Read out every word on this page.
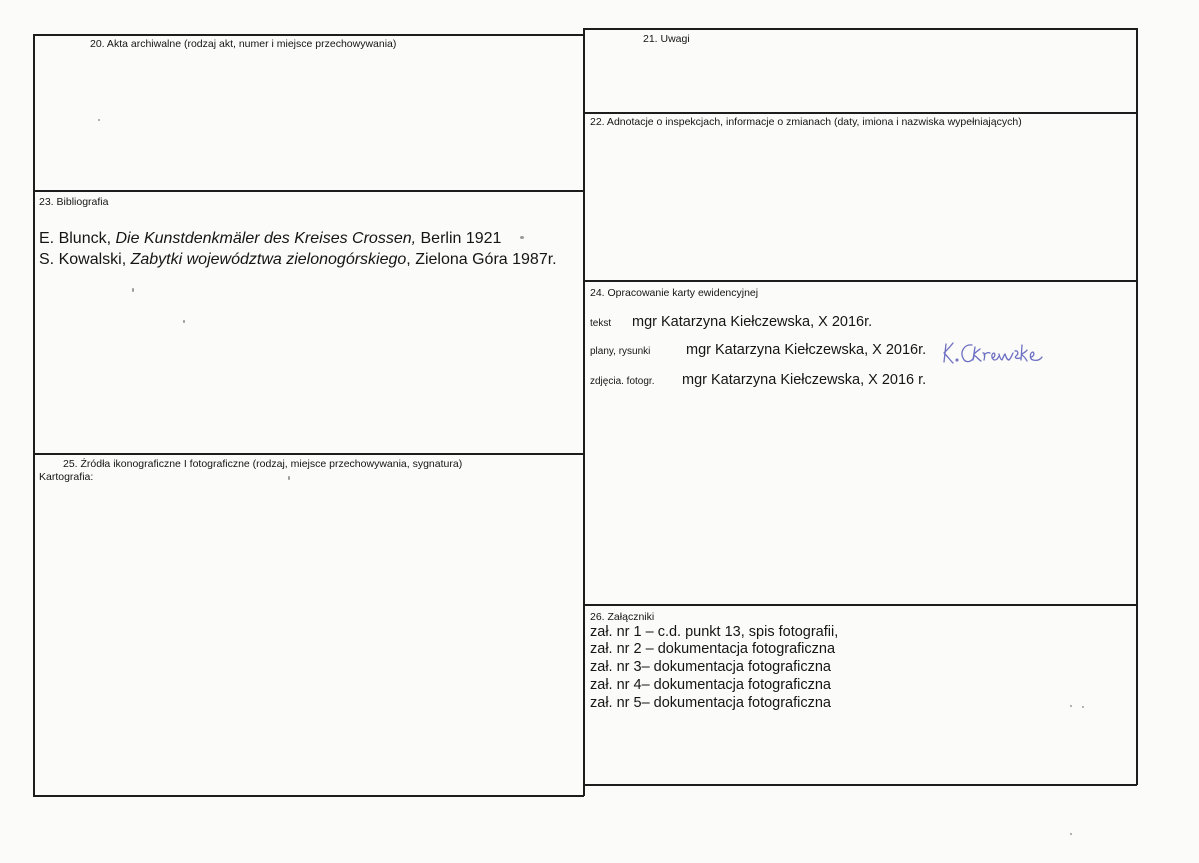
20. Akta archiwalne (rodzaj akt, numer i miejsce przechowywania)	21. Uwagi
22. Adnotacje o inspekcjach, informacje o zmianach (daty, imiona i nazwiska wypełniających)
23. Bibliografia
E. Blunck, Die Kunstdenkmäler des Kreises Crossen, Berlin 1921
S. Kowalski, Zabytki województwa zielonogórskiego, Zielona Góra 1987r.
24. Opracowanie karty ewidencyjnej
tekst mgr Katarzyna Kiełczewska, X 2016r.
plany, rysunki mgr Katarzyna Kiełczewska, X 2016r.
zdjęcia. fotogr. mgr Katarzyna Kiełczewska, X 2016 r.
25. Źródła ikonograficzne I fotograficzne (rodzaj, miejsce przechowywania, sygnatura)
Kartografia:
26. Załączniki
zał. nr 1 – c.d. punkt 13, spis fotografii,
zał. nr 2 – dokumentacja fotograficzna
zał. nr 3– dokumentacja fotograficzna
zał. nr 4– dokumentacja fotograficzna
zał. nr 5– dokumentacja fotograficzna
